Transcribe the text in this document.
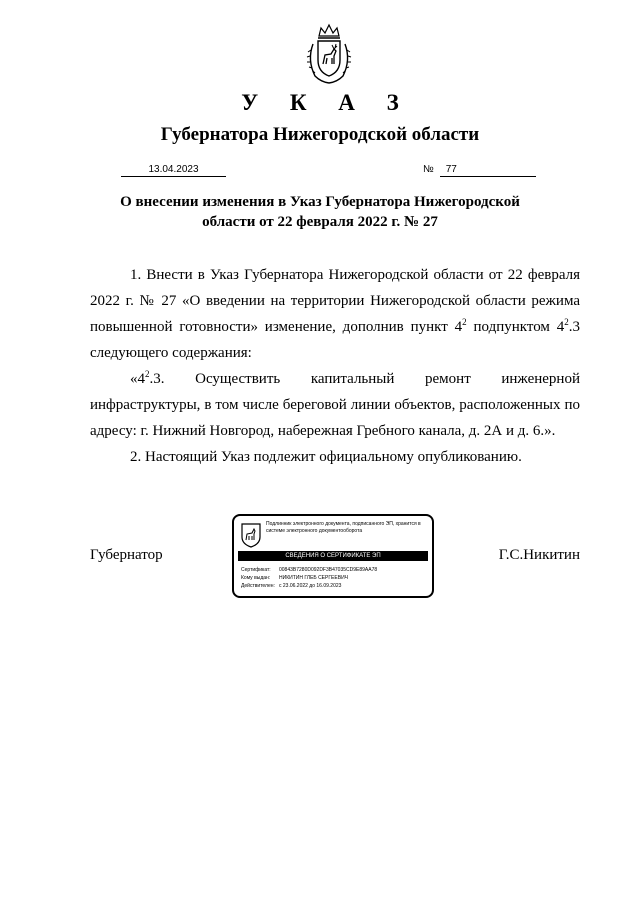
У К А З
Губернатора Нижегородской области
13.04.2023	№ 77
О внесении изменения в Указ Губернатора Нижегородской
области от 22 февраля 2022 г. № 27

1. Внести в Указ Губернатора Нижегородской области от 22 февраля 2022 г. № 27 «О введении на территории Нижегородской области режима повышенной готовности» изменение, дополнив пункт $4^2$ подпунктом $4^2.3$ следующего содержания:

«$4^2.3$. Осуществить капитальный ремонт инженерной инфраструктуры, в том числе береговой линии объектов, расположенных по адресу: г. Нижний Новгород, набережная Гребного канала, д. 2А и д. 6.».

2. Настоящий Указ подлежит официальному опубликованию.

Губернатор	Г.С.Никитин
Подлинник электронного документа, подписанного ЭП, хранится в системе электронного документооборота
СВЕДЕНИЯ О СЕРТИФИКАТЕ ЭП
Сертификат: 00843B7280D092DF3B47035CD9E89AA78
Кому выдан: НИКИТИН ГЛЕБ СЕРГЕЕВИЧ
Действителен: с 23.06.2022 до 16.09.2023
